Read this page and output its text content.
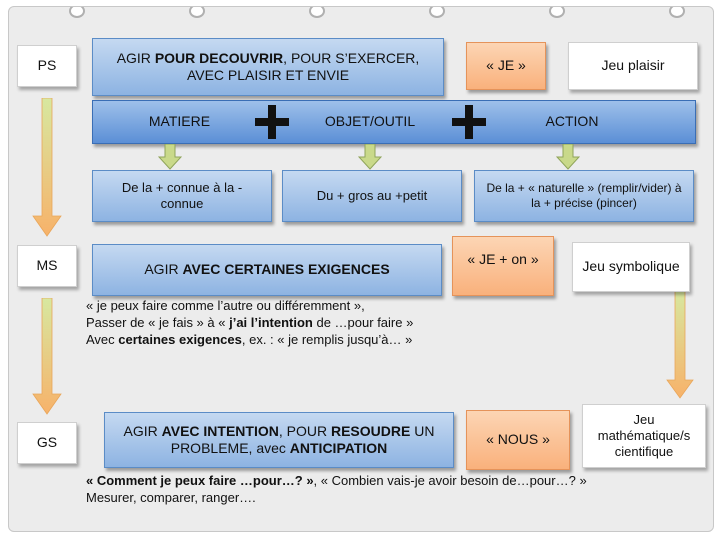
PS
MS
GS
AGIR POUR DECOUVRIR, POUR S’EXERCER, AVEC PLAISIR ET ENVIE
« JE »	Jeu plaisir
MATIERE	OBJET/OUTIL	ACTION
De la + connue à la - connue
Du + gros au +petit	De la + « naturelle » (remplir/vider) à la + précise (pincer)
AGIR AVEC CERTAINES EXIGENCES
« JE + on »	Jeu symbolique
« je peux faire comme l’autre ou différemment »,
Passer de « je fais » à « j’ai l’intention de …pour faire »
Avec certaines exigences, ex. : « je remplis jusqu’à… »
AGIR AVEC INTENTION, POUR RESOUDRE UN PROBLEME, avec ANTICIPATION
« NOUS »
Jeu mathématique/s cientifique
« Comment je peux faire …pour…? », « Combien vais-je avoir besoin de…pour…? »
Mesurer, comparer, ranger….
